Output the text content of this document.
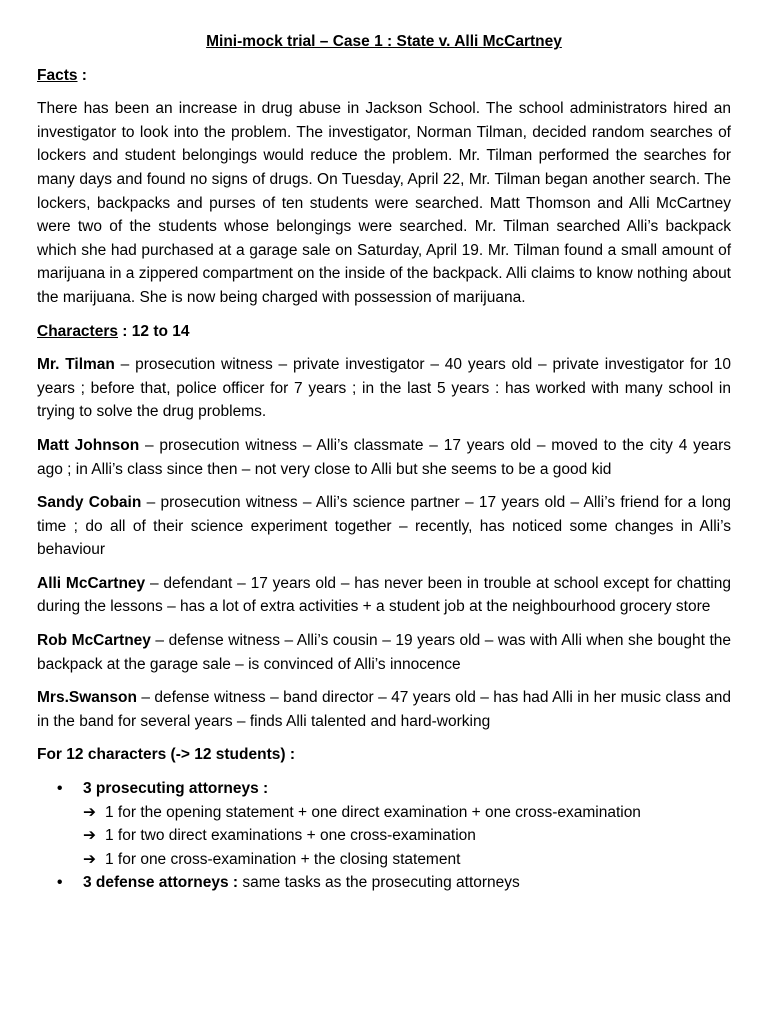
Mini-mock trial – Case 1 : State v. Alli McCartney
Facts :

There has been an increase in drug abuse in Jackson School. The school administrators hired an investigator to look into the problem. The investigator, Norman Tilman, decided random searches of lockers and student belongings would reduce the problem. Mr. Tilman performed the searches for many days and found no signs of drugs. On Tuesday, April 22, Mr. Tilman began another search. The lockers, backpacks and purses of ten students were searched. Matt Thomson and Alli McCartney were two of the students whose belongings were searched. Mr. Tilman searched Alli’s backpack which she had purchased at a garage sale on Saturday, April 19. Mr. Tilman found a small amount of marijuana in a zippered compartment on the inside of the backpack. Alli claims to know nothing about the marijuana. She is now being charged with possession of marijuana.

Characters : 12 to 14

Mr. Tilman – prosecution witness – private investigator – 40 years old – private investigator for 10 years ; before that, police officer for 7 years ; in the last 5 years : has worked with many school in trying to solve the drug problems.

Matt Johnson – prosecution witness – Alli’s classmate – 17 years old – moved to the city 4 years ago ; in Alli’s class since then – not very close to Alli but she seems to be a good kid

Sandy Cobain – prosecution witness – Alli’s science partner – 17 years old – Alli’s friend for a long time ; do all of their science experiment together – recently, has noticed some changes in Alli’s behaviour

Alli McCartney – defendant – 17 years old – has never been in trouble at school except for chatting during the lessons – has a lot of extra activities + a student job at the neighbourhood grocery store

Rob McCartney – defense witness – Alli’s cousin – 19 years old – was with Alli when she bought the backpack at the garage sale – is convinced of Alli’s innocence

Mrs.Swanson – defense witness – band director – 47 years old – has had Alli in her music class and in the band for several years – finds Alli talented and hard-working

For 12 characters (-> 12 students) :
• 3 prosecuting attorneys :
➔ 1 for the opening statement + one direct examination + one cross-examination
➔ 1 for two direct examinations + one cross-examination
➔ 1 for one cross-examination + the closing statement
• 3 defense attorneys : same tasks as the prosecuting attorneys
